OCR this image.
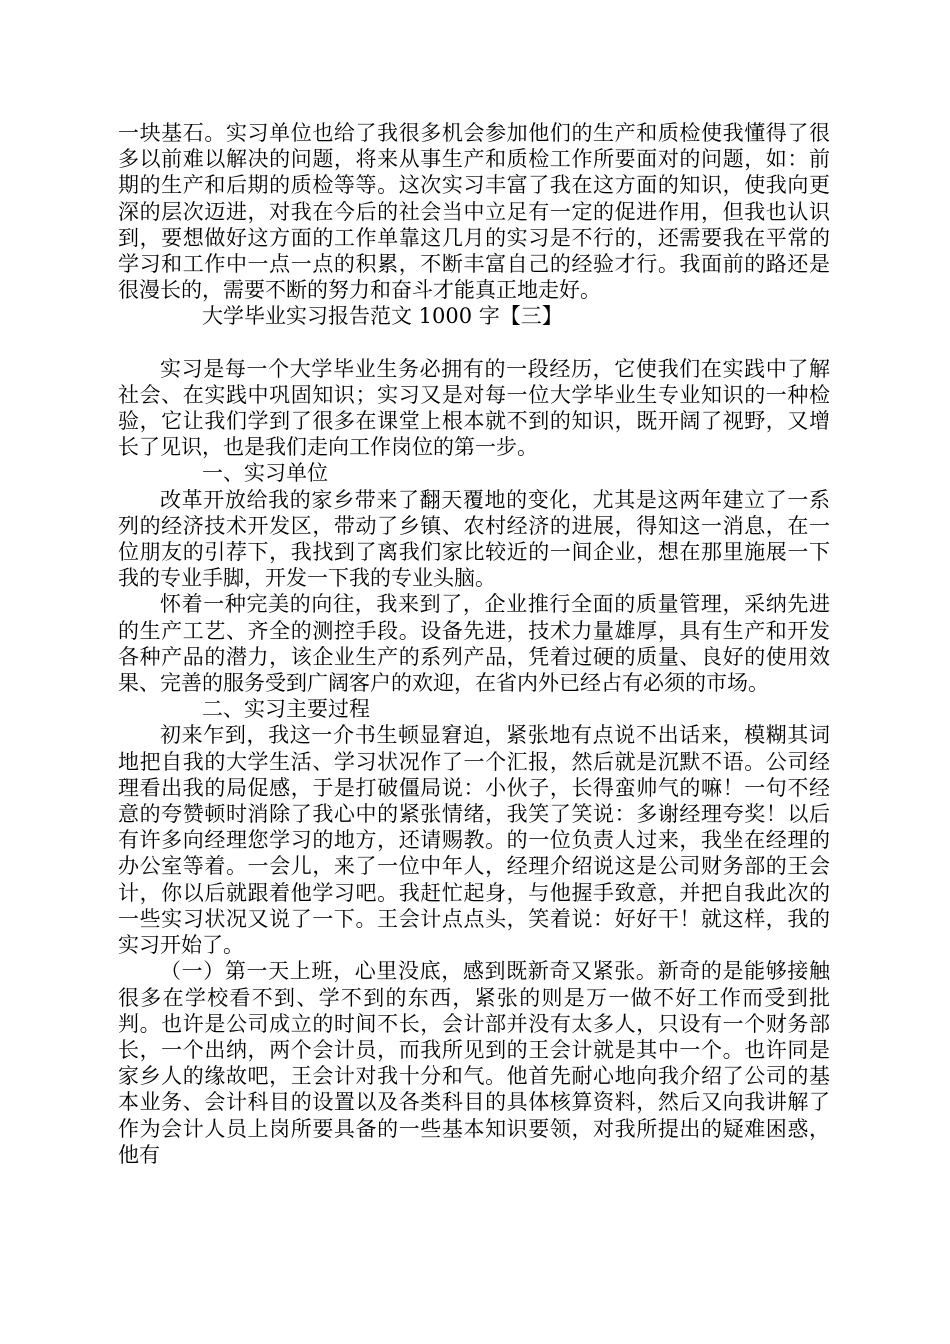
一块基石。实习单位也给了我很多机会参加他们的生产和质检使我懂得了很多以前难以解决的问题，将来从事生产和质检工作所要面对的问题，如：前期的生产和后期的质检等等。这次实习丰富了我在这方面的知识，使我向更深的层次迈进，对我在今后的社会当中立足有一定的促进作用，但我也认识到，要想做好这方面的工作单靠这几月的实习是不行的，还需要我在平常的学习和工作中一点一点的积累，不断丰富自己的经验才行。我面前的路还是很漫长的，需要不断的努力和奋斗才能真正地走好。

大学毕业实习报告范文 1000 字【三】

实习是每一个大学毕业生务必拥有的一段经历，它使我们在实践中了解社会、在实践中巩固知识；实习又是对每一位大学毕业生专业知识的一种检验，它让我们学到了很多在课堂上根本就不到的知识，既开阔了视野，又增长了见识，也是我们走向工作岗位的第一步。

一、实习单位

改革开放给我的家乡带来了翻天覆地的变化，尤其是这两年建立了一系列的经济技术开发区，带动了乡镇、农村经济的进展，得知这一消息，在一位朋友的引荐下，我找到了离我们家比较近的一间企业，想在那里施展一下我的专业手脚，开发一下我的专业头脑。

怀着一种完美的向往，我来到了，企业推行全面的质量管理，采纳先进的生产工艺、齐全的测控手段。设备先进，技术力量雄厚，具有生产和开发各种产品的潜力，该企业生产的系列产品，凭着过硬的质量、良好的使用效果、完善的服务受到广阔客户的欢迎，在省内外已经占有必须的市场。

二、实习主要过程

初来乍到，我这一介书生顿显窘迫，紧张地有点说不出话来，模糊其词地把自我的大学生活、学习状况作了一个汇报，然后就是沉默不语。公司经理看出我的局促感，于是打破僵局说：小伙子，长得蛮帅气的嘛！一句不经意的夸赞顿时消除了我心中的紧张情绪，我笑了笑说：多谢经理夸奖！以后有许多向经理您学习的地方，还请赐教。的一位负责人过来，我坐在经理的办公室等着。一会儿，来了一位中年人，经理介绍说这是公司财务部的王会计，你以后就跟着他学习吧。我赶忙起身，与他握手致意，并把自我此次的一些实习状况又说了一下。王会计点点头，笑着说：好好干！就这样，我的实习开始了。

（一）第一天上班，心里没底，感到既新奇又紧张。新奇的是能够接触很多在学校看不到、学不到的东西，紧张的则是万一做不好工作而受到批判。也许是公司成立的时间不长，会计部并没有太多人，只设有一个财务部长，一个出纳，两个会计员，而我所见到的王会计就是其中一个。也许同是家乡人的缘故吧，王会计对我十分和气。他首先耐心地向我介绍了公司的基本业务、会计科目的设置以及各类科目的具体核算资料，然后又向我讲解了作为会计人员上岗所要具备的一些基本知识要领，对我所提出的疑难困惑，他有
